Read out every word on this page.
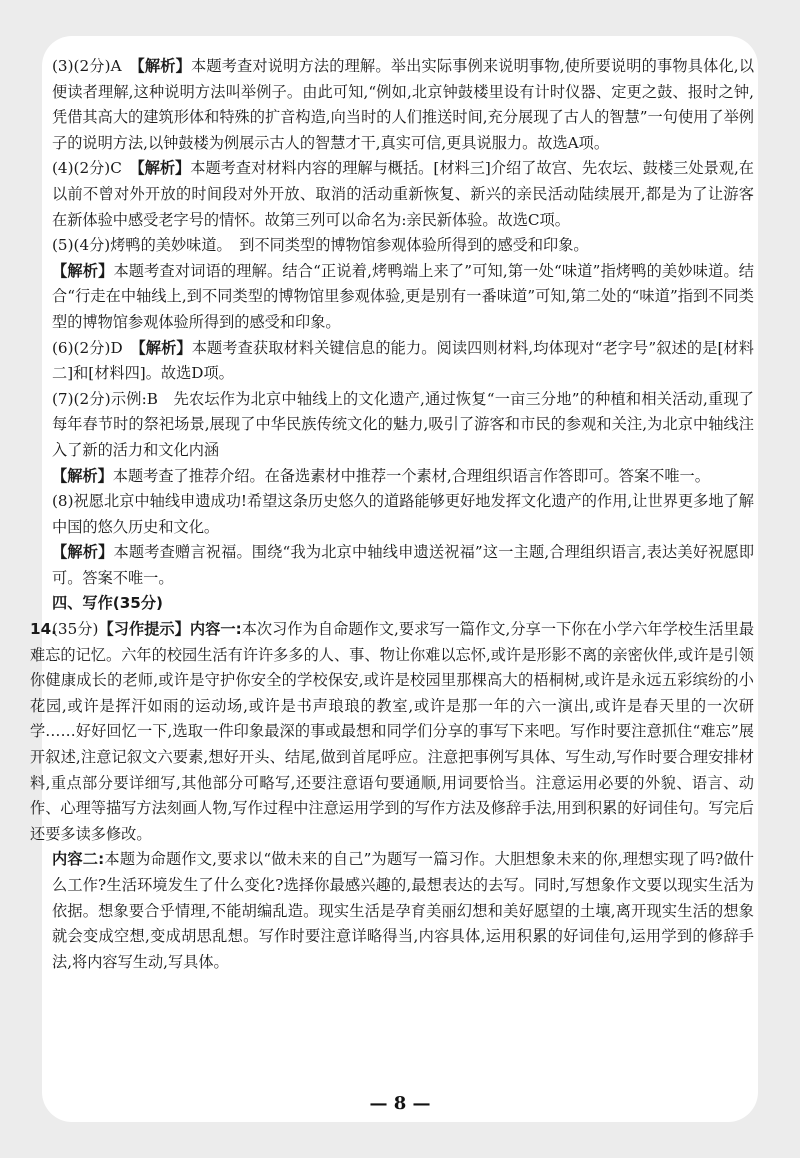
(3)(2分)A　【解析】本题考查对说明方法的理解。举出实际事例来说明事物,使所要说明的事物具体化,以便读者理解,这种说明方法叫举例子。由此可知,“例如,北京钟鼓楼里设有计时仪器、定更之鼓、报时之钟,凭借其高大的建筑形体和特殊的扩音构造,向当时的人们推送时间,充分展现了古人的智慧”一句使用了举例子的说明方法,以钟鼓楼为例展示古人的智慧才干,真实可信,更具说服力。故选A项。

(4)(2分)C　【解析】本题考查对材料内容的理解与概括。[材料三]介绍了故宫、先农坛、鼓楼三处景观,在以前不曾对外开放的时间段对外开放、取消的活动重新恢复、新兴的亲民活动陆续展开,都是为了让游客在新体验中感受老字号的情怀。故第三列可以命名为:亲民新体验。故选C项。

(5)(4分)烤鸭的美妙味道。　到不同类型的博物馆参观体验所得到的感受和印象。

【解析】本题考查对词语的理解。结合“正说着,烤鸭端上来了”可知,第一处“味道”指烤鸭的美妙味道。结合“行走在中轴线上,到不同类型的博物馆里参观体验,更是别有一番味道”可知,第二处的“味道”指到不同类型的博物馆参观体验所得到的感受和印象。

(6)(2分)D　【解析】本题考查获取材料关键信息的能力。阅读四则材料,均体现对“老字号”叙述的是[材料二]和[材料四]。故选D项。

(7)(2分)示例:B　先农坛作为北京中轴线上的文化遗产,通过恢复“一亩三分地”的种植和相关活动,重现了每年春节时的祭祀场景,展现了中华民族传统文化的魅力,吸引了游客和市民的参观和关注,为北京中轴线注入了新的活力和文化内涵

【解析】本题考查了推荐介绍。在备选素材中推荐一个素材,合理组织语言作答即可。答案不唯一。

(8)祝愿北京中轴线申遗成功!希望这条历史悠久的道路能够更好地发挥文化遗产的作用,让世界更多地了解中国的悠久历史和文化。

【解析】本题考查赠言祝福。围绕“我为北京中轴线申遗送祝福”这一主题,合理组织语言,表达美好祝愿即可。答案不唯一。

四、写作(35分)

14.(35分)【习作提示】内容一:本次习作为自命题作文,要求写一篇作文,分享一下你在小学六年学校生活里最难忘的记忆。六年的校园生活有许许多多的人、事、物让你难以忘怀,或许是形影不离的亲密伙伴,或许是引领你健康成长的老师,或许是守护你安全的学校保安,或许是校园里那棵高大的梧桐树,或许是永远五彩缤纷的小花园,或许是挥汗如雨的运动场,或许是书声琅琅的教室,或许是那一年的六一演出,或许是春天里的一次研学……好好回忆一下,选取一件印象最深的事或最想和同学们分享的事写下来吧。写作时要注意抓住“难忘”展开叙述,注意记叙文六要素,想好开头、结尾,做到首尾呼应。注意把事例写具体、写生动,写作时要合理安排材料,重点部分要详细写,其他部分可略写,还要注意语句要通顺,用词要恰当。注意运用必要的外貌、语言、动作、心理等描写方法刻画人物,写作过程中注意运用学到的写作方法及修辞手法,用到积累的好词佳句。写完后还要多读多修改。

内容二:本题为命题作文,要求以“做未来的自己”为题写一篇习作。大胆想象未来的你,理想实现了吗?做什么工作?生活环境发生了什么变化?选择你最感兴趣的,最想表达的去写。同时,写想象作文要以现实生活为依据。想象要合乎情理,不能胡编乱造。现实生活是孕育美丽幻想和美好愿望的土壤,离开现实生活的想象就会变成空想,变成胡思乱想。写作时要注意详略得当,内容具体,运用积累的好词佳句,运用学到的修辞手法,将内容写生动,写具体。

— 8 —
